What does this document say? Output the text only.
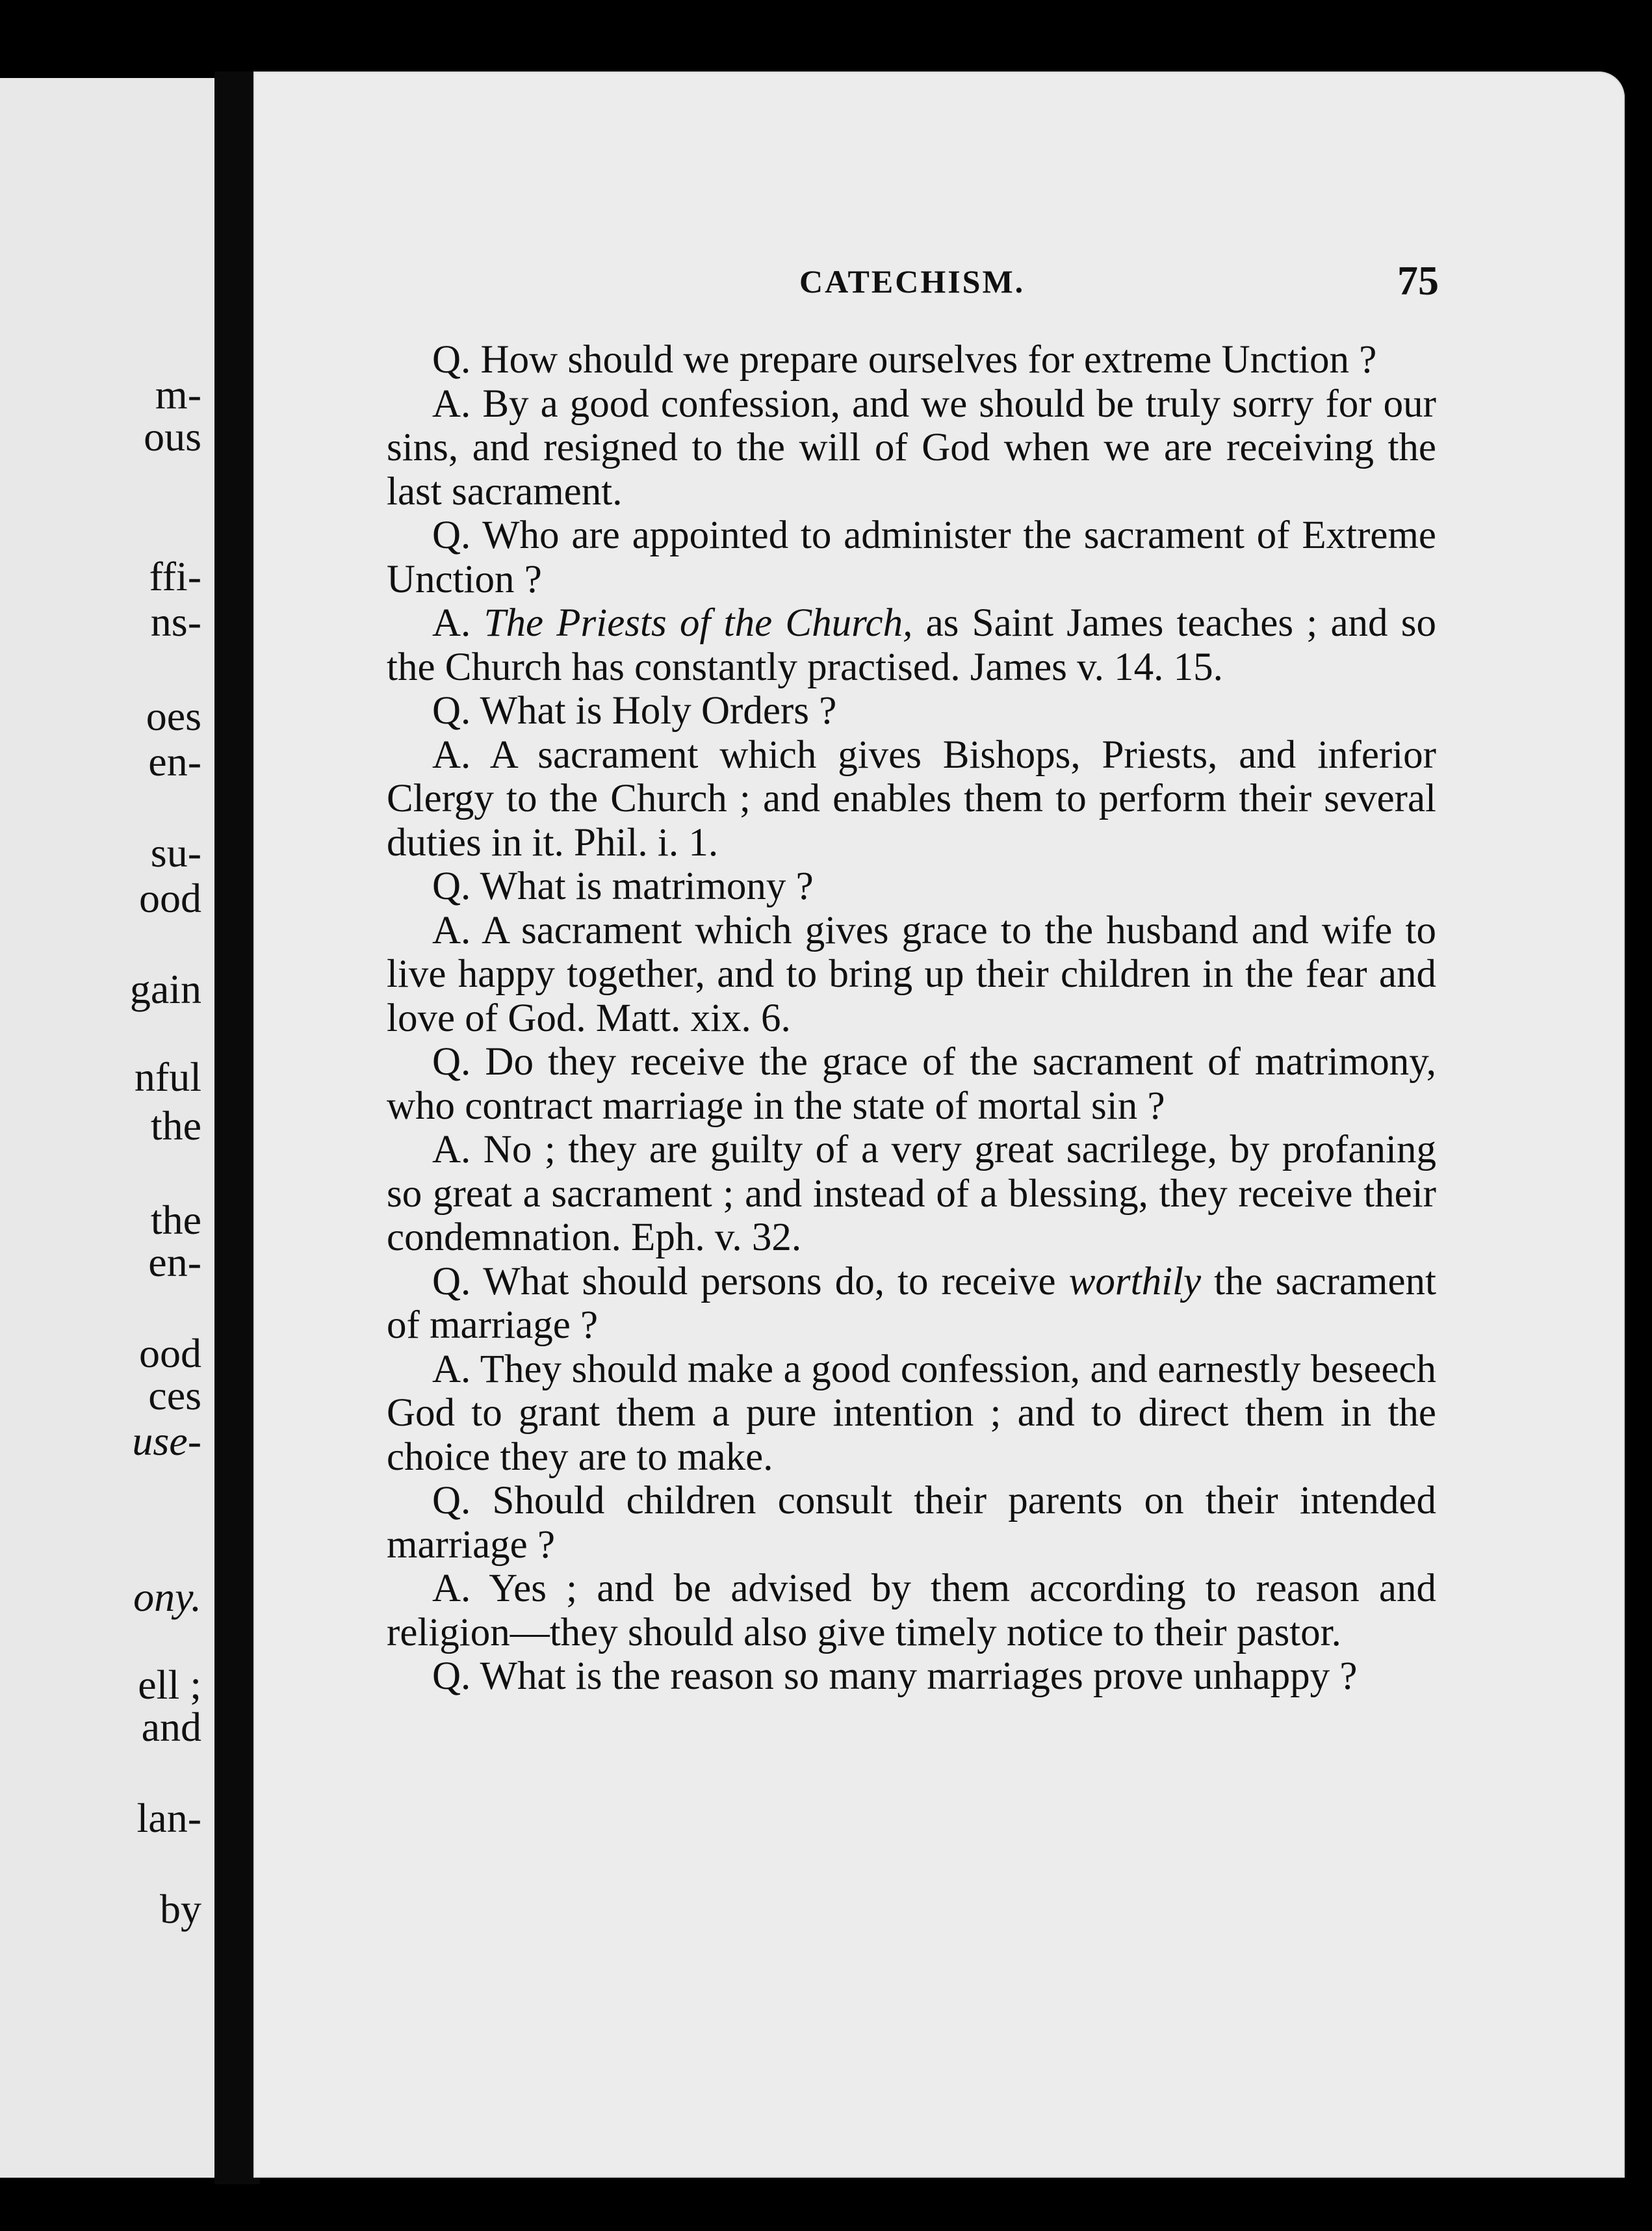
m-
ous
ffi-
ns-
oes
en-
su-
ood
gain
nful
the
the
en-
ood
ces
use-
ony.
ell ;
and
lan-
by
CATECHISM.	75

Q. How should we prepare ourselves for extreme Unction ?

A. By a good confession, and we should be truly sorry for our sins, and resigned to the will of God when we are receiving the last sacrament.

Q. Who are appointed to administer the sacrament of Extreme Unction ?

A. The Priests of the Church, as Saint James teaches ; and so the Church has constantly practised. James v. 14. 15.

Q. What is Holy Orders ?

A. A sacrament which gives Bishops, Priests, and inferior Clergy to the Church ; and enables them to perform their several duties in it. Phil. i. 1.

Q. What is matrimony ?

A. A sacrament which gives grace to the husband and wife to live happy together, and to bring up their children in the fear and love of God. Matt. xix. 6.

Q. Do they receive the grace of the sacrament of matrimony, who contract marriage in the state of mortal sin ?

A. No ; they are guilty of a very great sacrilege, by profaning so great a sacrament ; and instead of a blessing, they receive their condemnation. Eph. v. 32.

Q. What should persons do, to receive worthily the sacrament of marriage ?

A. They should make a good confession, and earnestly beseech God to grant them a pure intention ; and to direct them in the choice they are to make.

Q. Should children consult their parents on their intended marriage ?

A. Yes ; and be advised by them according to reason and religion—they should also give timely notice to their pastor.

Q. What is the reason so many marriages prove unhappy ?
